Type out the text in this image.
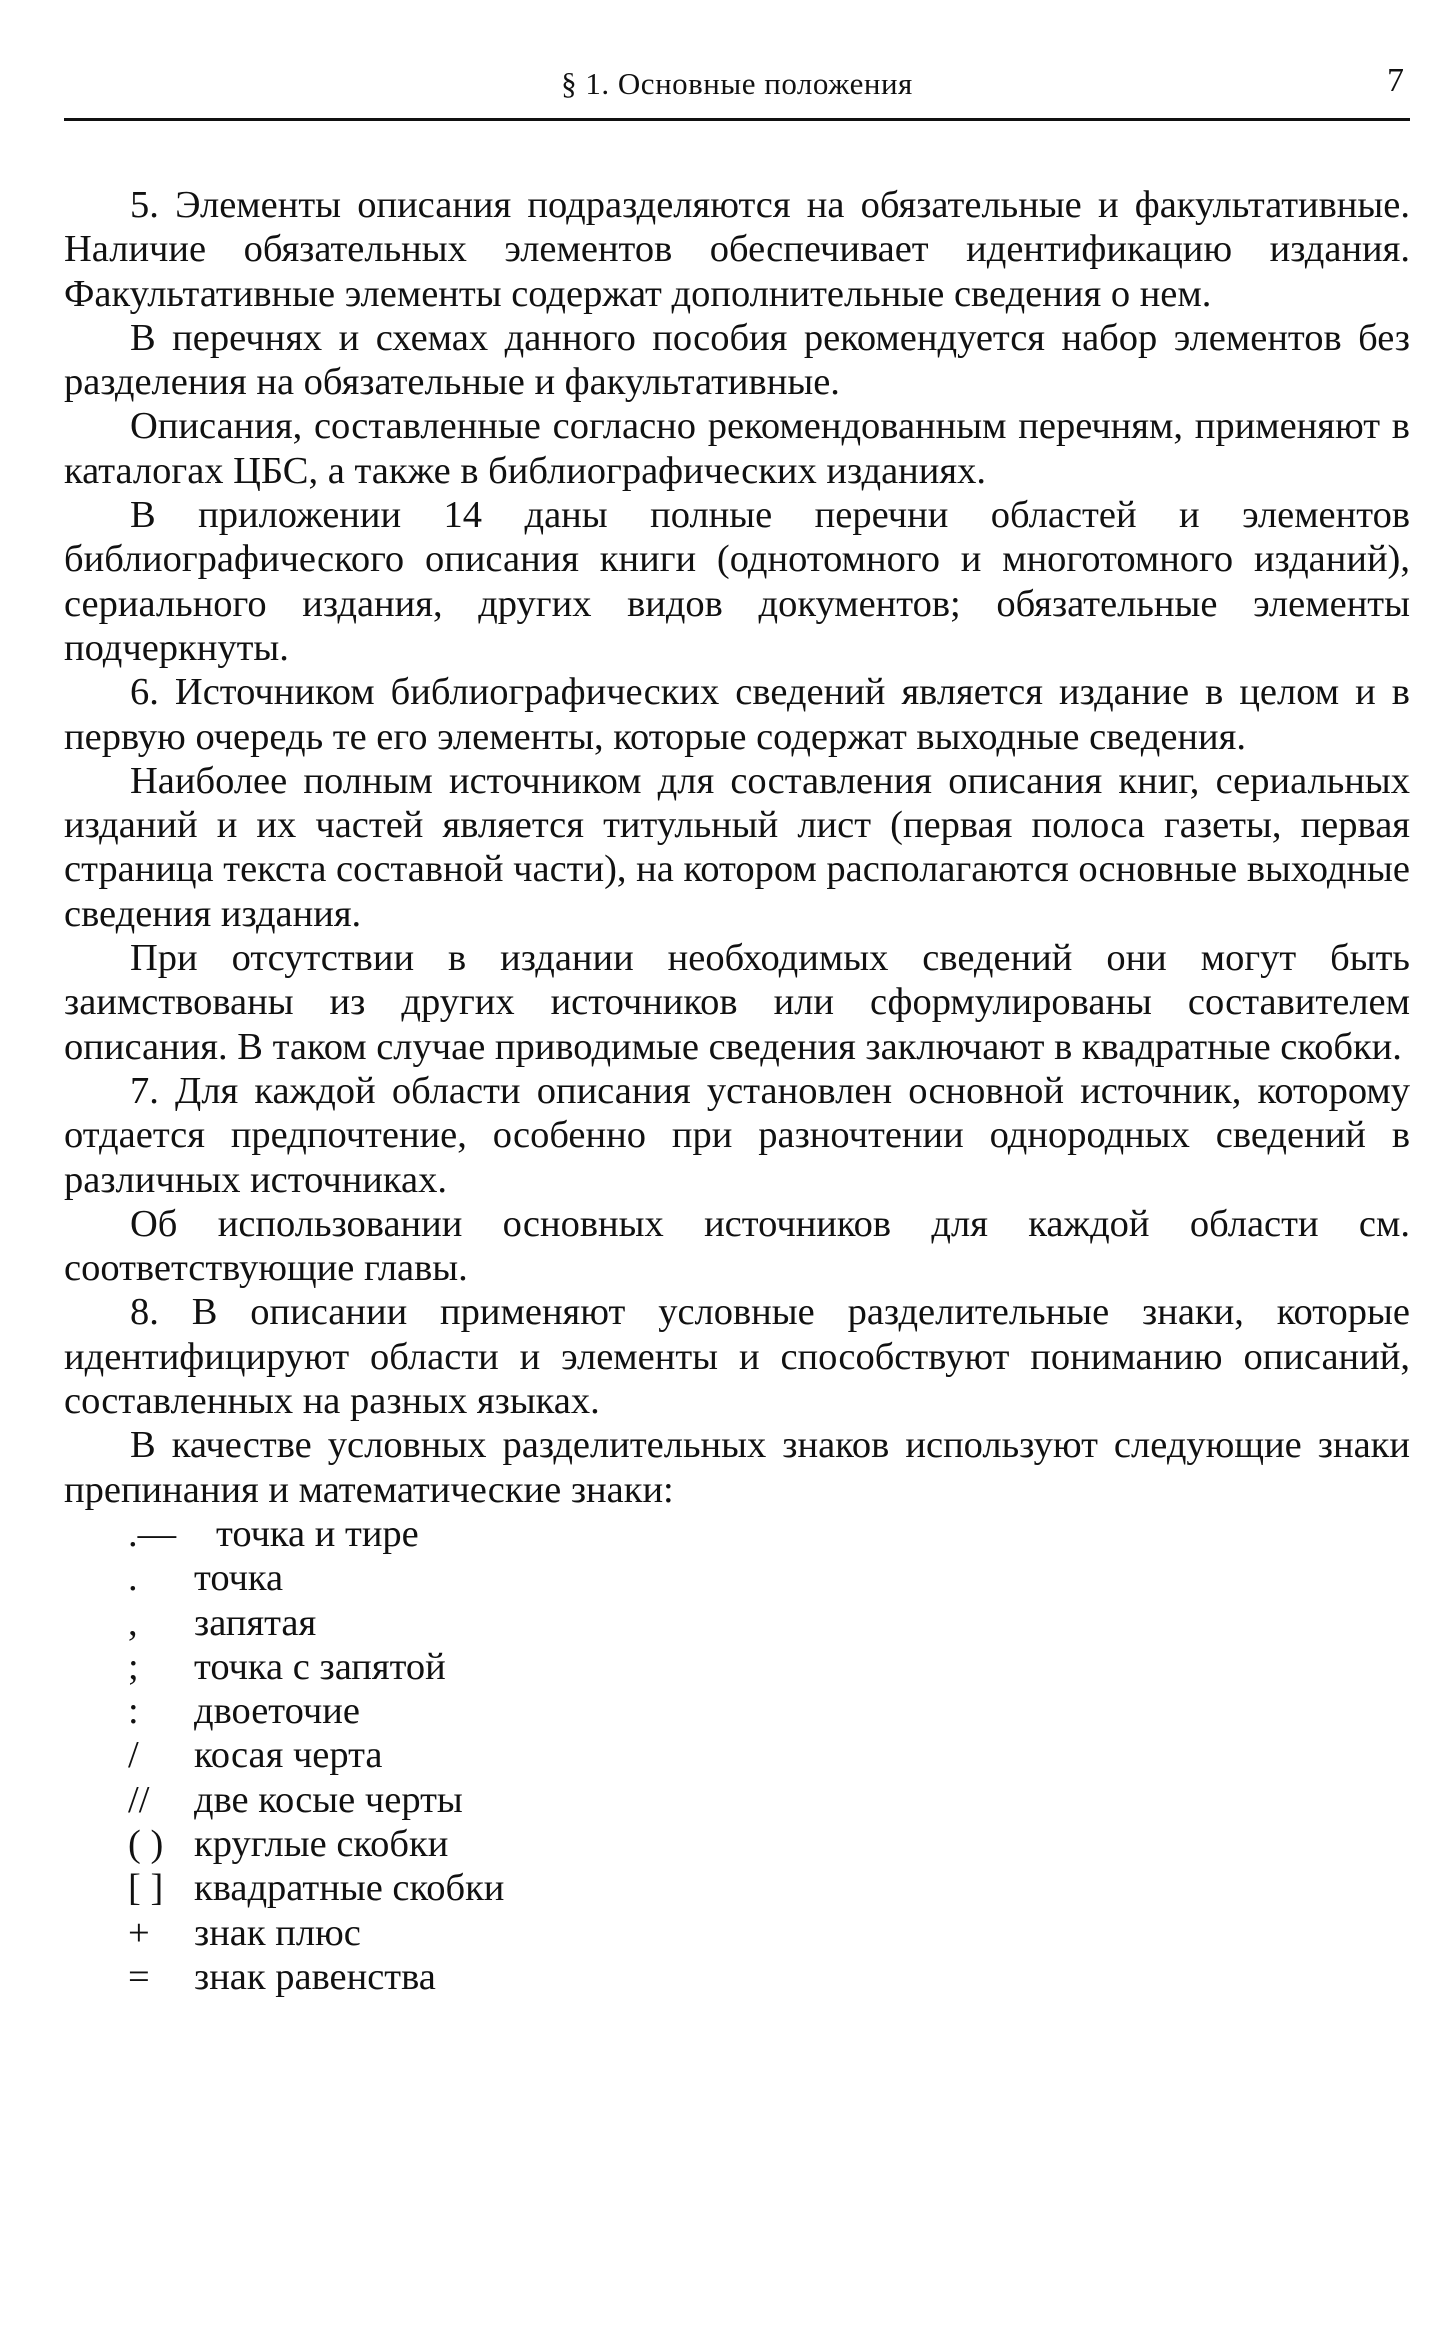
§ 1. Основные положения	7

5. Элементы описания подразделяются на обязательные и факультативные. Наличие обязательных элементов обеспечивает идентификацию издания. Факультативные элементы содержат дополнительные сведения о нем.

В перечнях и схемах данного пособия рекомендуется набор элементов без разделения на обязательные и факультативные.

Описания, составленные согласно рекомендованным перечням, применяют в каталогах ЦБС, а также в библиографических изданиях.

В приложении 14 даны полные перечни областей и элементов библиографического описания книги (однотомного и многотомного изданий), сериального издания, других видов документов; обязательные элементы подчеркнуты.

6. Источником библиографических сведений является издание в целом и в первую очередь те его элементы, которые содержат выходные сведения.

Наиболее полным источником для составления описания книг, сериальных изданий и их частей является титульный лист (первая полоса газеты, первая страница текста составной части), на котором располагаются основные выходные сведения издания.

При отсутствии в издании необходимых сведений они могут быть заимствованы из других источников или сформулированы составителем описания. В таком случае приводимые сведения заключают в квадратные скобки.

7. Для каждой области описания установлен основной источник, которому отдается предпочтение, особенно при разночтении однородных сведений в различных источниках.

Об использовании основных источников для каждой области см. соответствующие главы.

8. В описании применяют условные разделительные знаки, которые идентифицируют области и элементы и способствуют пониманию описаний, составленных на разных языках.

В качестве условных разделительных знаков используют следующие знаки препинания и математические знаки:

.—	точка и тире
.	точка
,	запятая
;	точка с запятой
:	двоеточие
/	косая черта
//	две косые черты
( ) круглые скобки
[ ] квадратные скобки
+	знак плюс
=	знак равенства
